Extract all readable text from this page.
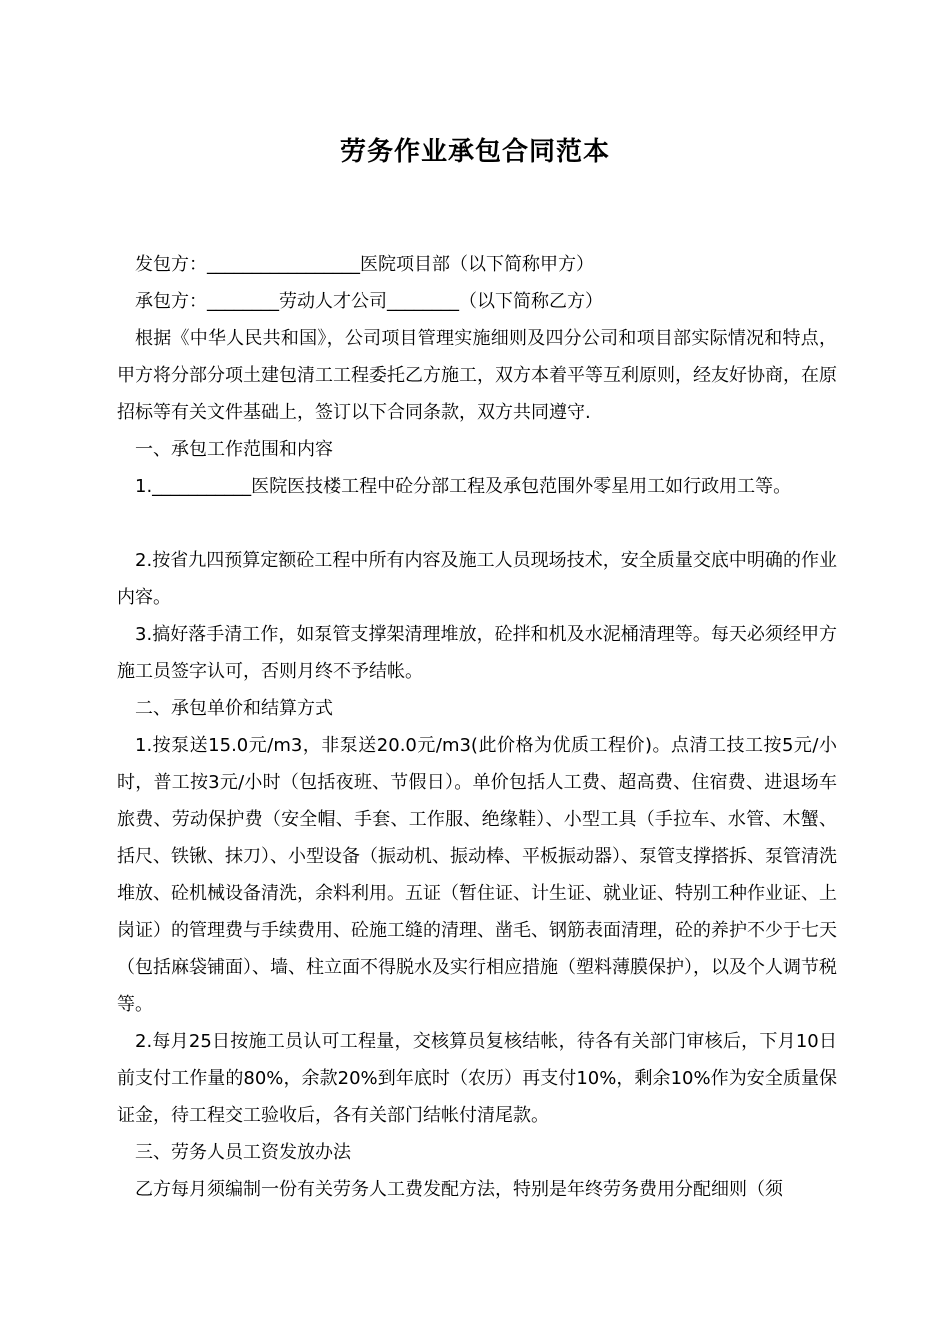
劳务作业承包合同范本

发包方：_________________医院项目部（以下简称甲方）

承包方：________劳动人才公司________（以下简称乙方）

根据《中华人民共和国》，公司项目管理实施细则及四分公司和项目部实际情况和特点，甲方将分部分项土建包清工工程委托乙方施工，双方本着平等互利原则，经友好协商，在原招标等有关文件基础上，签订以下合同条款，双方共同遵守.

一、承包工作范围和内容

1.___________医院医技楼工程中砼分部工程及承包范围外零星用工如行政用工等。

2.按省九四预算定额砼工程中所有内容及施工人员现场技术，安全质量交底中明确的作业内容。

3.搞好落手清工作，如泵管支撑架清理堆放，砼拌和机及水泥桶清理等。每天必须经甲方施工员签字认可，否则月终不予结帐。

二、承包单价和结算方式

1.按泵送15.0元/m3，非泵送20.0元/m3(此价格为优质工程价)。点清工技工按5元/小时，普工按3元/小时（包括夜班、节假日）。单价包括人工费、超高费、住宿费、进退场车旅费、劳动保护费（安全帽、手套、工作服、绝缘鞋）、小型工具（手拉车、水管、木蟹、括尺、铁锹、抹刀）、小型设备（振动机、振动棒、平板振动器）、泵管支撑搭拆、泵管清洗堆放、砼机械设备清洗，余料利用。五证（暂住证、计生证、就业证、特别工种作业证、上岗证）的管理费与手续费用、砼施工缝的清理、凿毛、钢筋表面清理，砼的养护不少于七天（包括麻袋铺面）、墙、柱立面不得脱水及实行相应措施（塑料薄膜保护），以及个人调节税等。

2.每月25日按施工员认可工程量，交核算员复核结帐，待各有关部门审核后，下月10日前支付工作量的80%，余款20%到年底时（农历）再支付10%，剩余10%作为安全质量保证金，待工程交工验收后，各有关部门结帐付清尾款。

三、劳务人员工资发放办法

乙方每月须编制一份有关劳务人工费发配方法，特别是年终劳务费用分配细则（须
